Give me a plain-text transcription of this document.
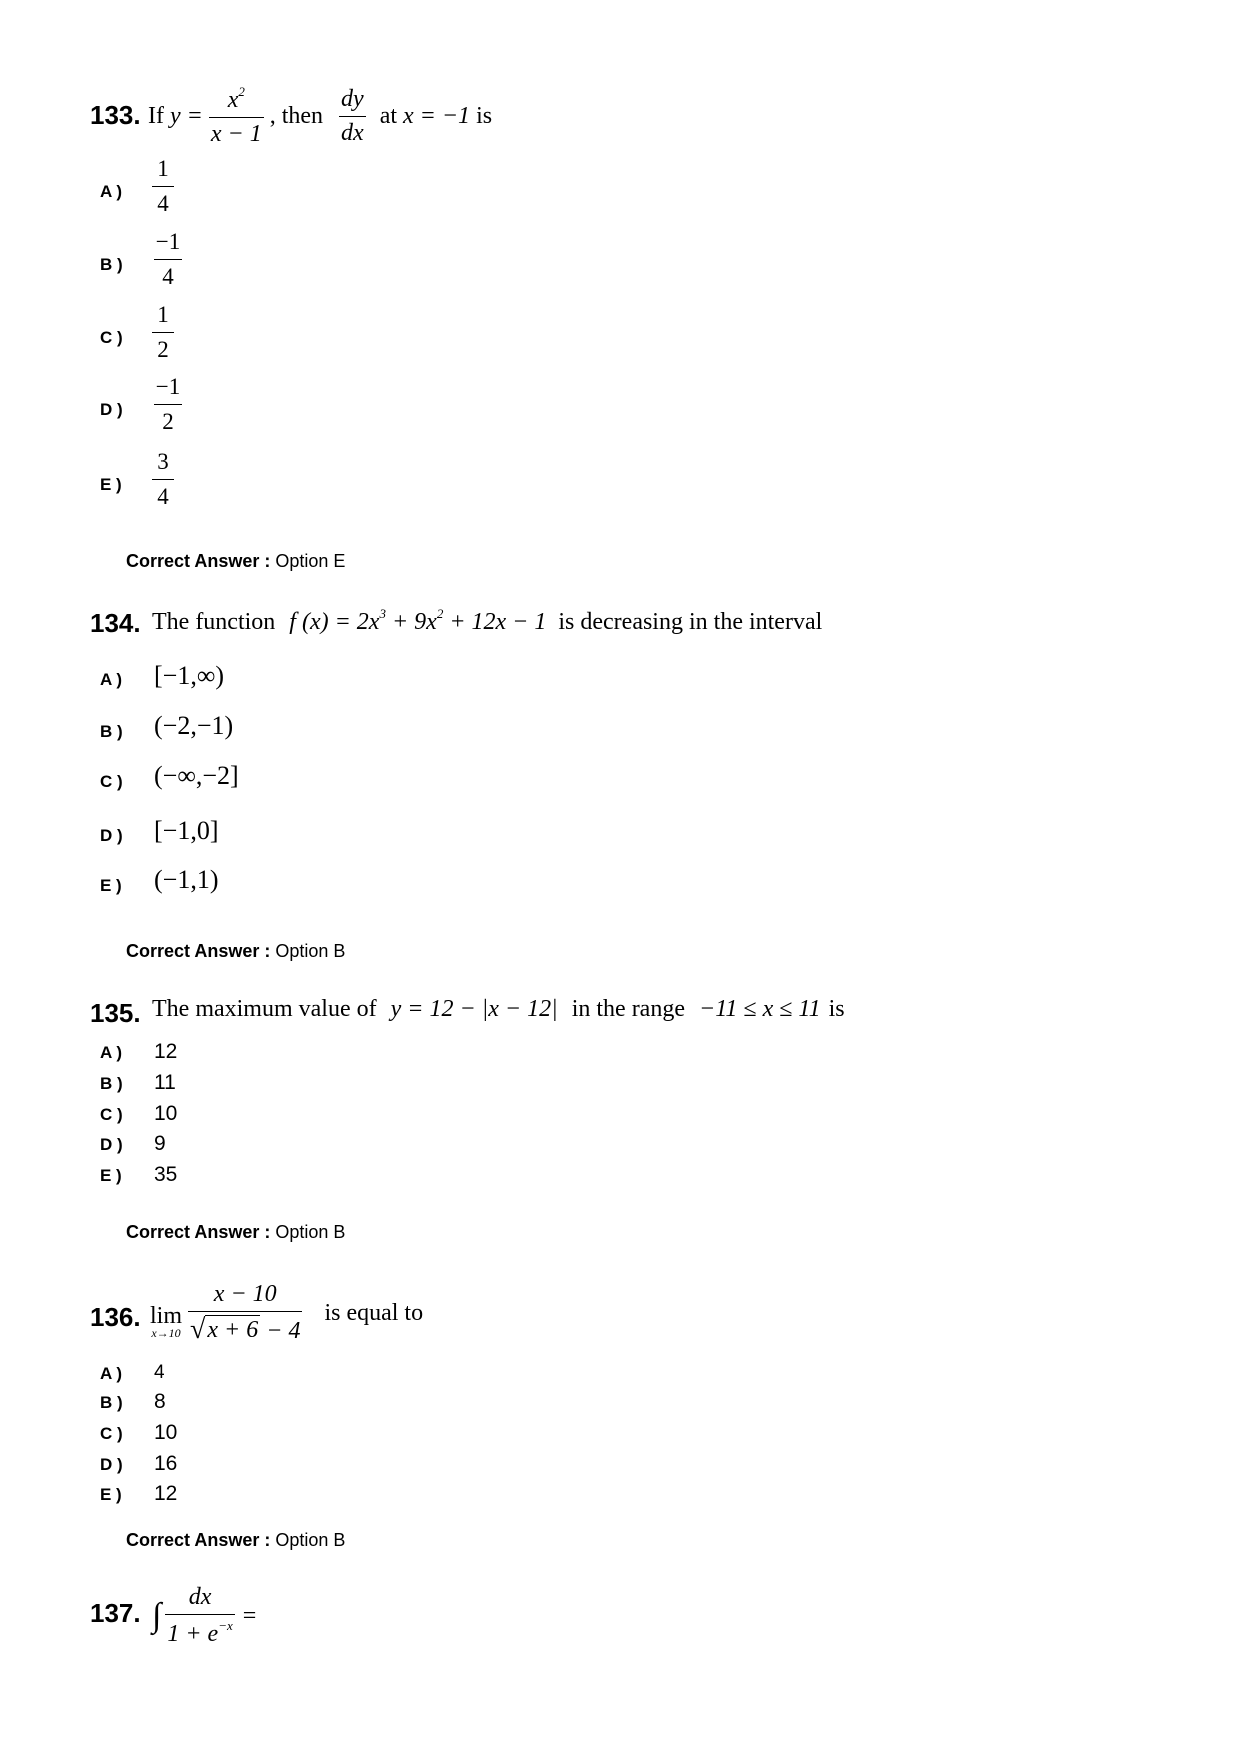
133. If $y = \frac{x^2}{x - 1}$ , then $\frac{dy}{dx}$ at x = −1 is
A )
1
4
B )
−1
4
C )
1
2
D )
−1
2
E )
3
4
Correct Answer : Option E
134. The function f $(x) = 2x^3 + 9x^2 + 12x - 1$ is decreasing in the interval
A ) [−1,∞)
B ) (−2,−1)
C ) (−∞,−2]
D ) [−1,0]
E ) (−1,1)
Correct Answer : Option B
135. The maximum value of y = 12 − |x − 12| in the range −11 ≤ x ≤ 11 is
A ) 12
B ) 11
C ) 10
D ) 9
E ) 35
Correct Answer : Option B
136. lim
$x\to 10 \frac{x - 10}{√ x + 6 - 4}$ is equal to
A ) 4
B ) 8
C ) 10
D ) 16
E ) 12
Correct Answer : Option B
137. ∫ $\frac{dx}{1 + e^{-x}}$ =
